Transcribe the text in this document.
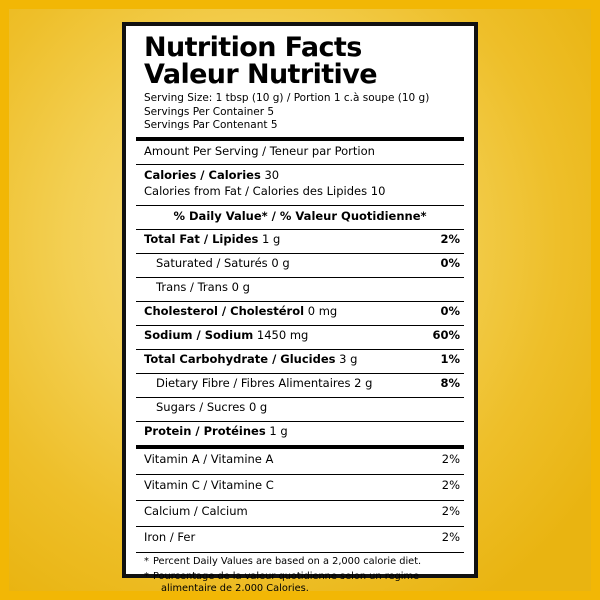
Nutrition Facts
Valeur Nutritive
Serving Size: 1 tbsp (10 g) / Portion 1 c.à soupe (10 g)
Servings Per Container 5
Servings Par Contenant 5
Amount Per Serving / Teneur par Portion
Calories / Calories 30
Calories from Fat / Calories des Lipides 10
% Daily Value* / % Valeur Quotidienne*
Total Fat / Lipides 1 g	2%
Saturated / Saturés 0 g	0%
Trans / Trans 0 g
Cholesterol / Cholestérol 0 mg	0%
Sodium / Sodium 1450 mg	60%
Total Carbohydrate / Glucides 3 g	1%
Dietary Fibre / Fibres Alimentaires 2 g	8%
Sugars / Sucres 0 g
Protein / Protéines 1 g
Vitamin A / Vitamine A	2%
Vitamin C / Vitamine C	2%
Calcium / Calcium	2%
Iron / Fer	2%
* Percent Daily Values are based on a 2,000 calorie diet.
* Pourcentage de la valeur quotidienne selon un regime
alimentaire de 2,000 Calories.
